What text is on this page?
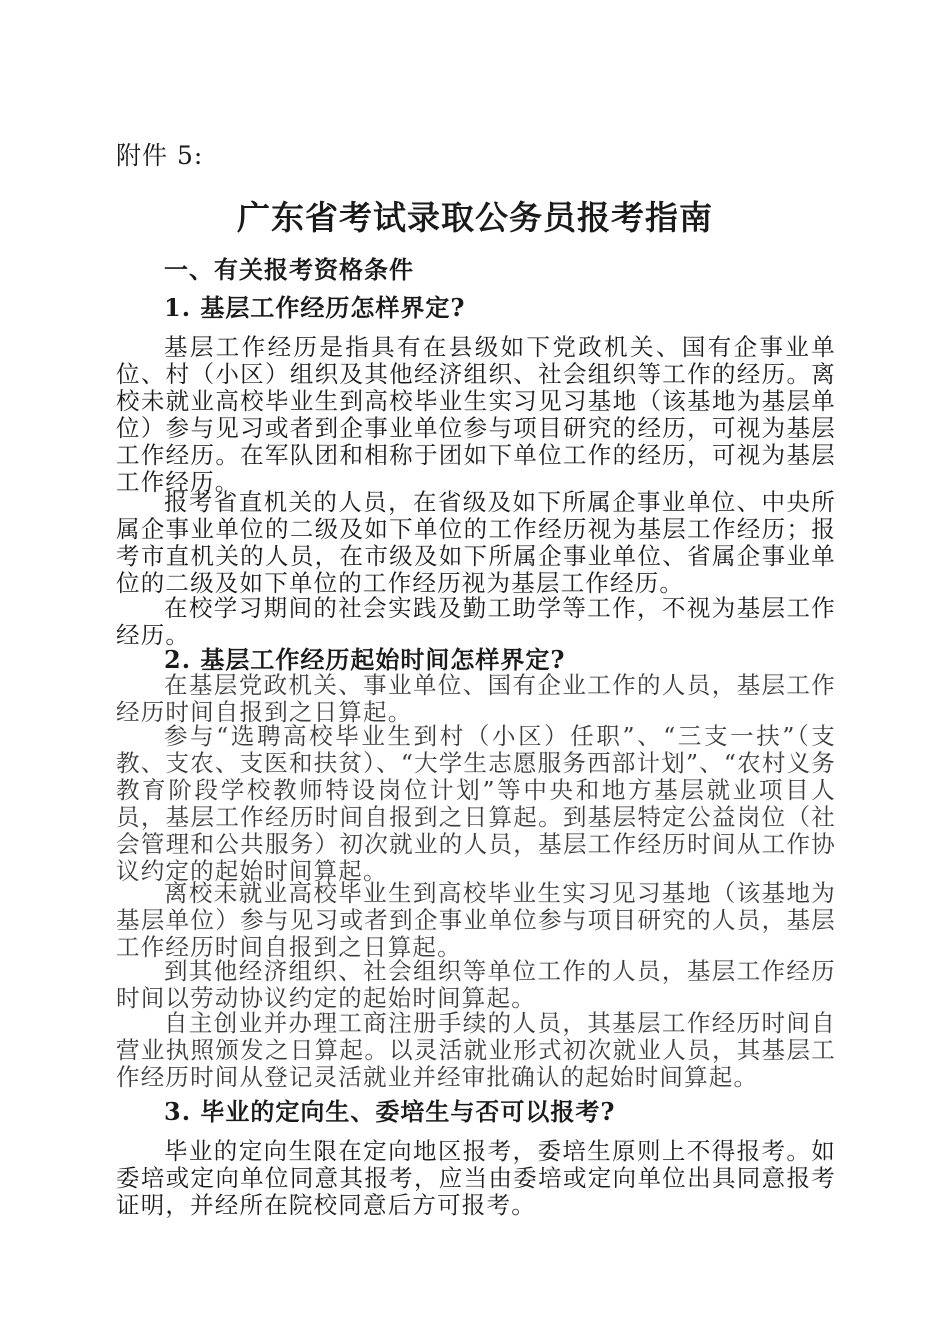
附件 5:
广东省考试录取公务员报考指南
一、有关报考资格条件
1. 基层工作经历怎样界定?

基层工作经历是指具有在县级如下党政机关、国有企事业单位、村（小区）组织及其他经济组织、社会组织等工作的经历。离校未就业高校毕业生到高校毕业生实习见习基地（该基地为基层单位）参与见习或者到企事业单位参与项目研究的经历，可视为基层工作经历。在军队团和相称于团如下单位工作的经历，可视为基层工作经历。

报考省直机关的人员，在省级及如下所属企事业单位、中央所属企事业单位的二级及如下单位的工作经历视为基层工作经历；报考市直机关的人员，在市级及如下所属企事业单位、省属企事业单位的二级及如下单位的工作经历视为基层工作经历。

在校学习期间的社会实践及勤工助学等工作，不视为基层工作经历。

2. 基层工作经历起始时间怎样界定?

在基层党政机关、事业单位、国有企业工作的人员，基层工作经历时间自报到之日算起。

参与“选聘高校毕业生到村（小区）任职”、“三支一扶”（支教、支农、支医和扶贫）、“大学生志愿服务西部计划”、“农村义务教育阶段学校教师特设岗位计划”等中央和地方基层就业项目人员，基层工作经历时间自报到之日算起。到基层特定公益岗位（社会管理和公共服务）初次就业的人员，基层工作经历时间从工作协议约定的起始时间算起。

离校未就业高校毕业生到高校毕业生实习见习基地（该基地为基层单位）参与见习或者到企事业单位参与项目研究的人员，基层工作经历时间自报到之日算起。

到其他经济组织、社会组织等单位工作的人员，基层工作经历时间以劳动协议约定的起始时间算起。

自主创业并办理工商注册手续的人员，其基层工作经历时间自营业执照颁发之日算起。以灵活就业形式初次就业人员，其基层工作经历时间从登记灵活就业并经审批确认的起始时间算起。

3. 毕业的定向生、委培生与否可以报考?

毕业的定向生限在定向地区报考，委培生原则上不得报考。如委培或定向单位同意其报考，应当由委培或定向单位出具同意报考证明，并经所在院校同意后方可报考。
